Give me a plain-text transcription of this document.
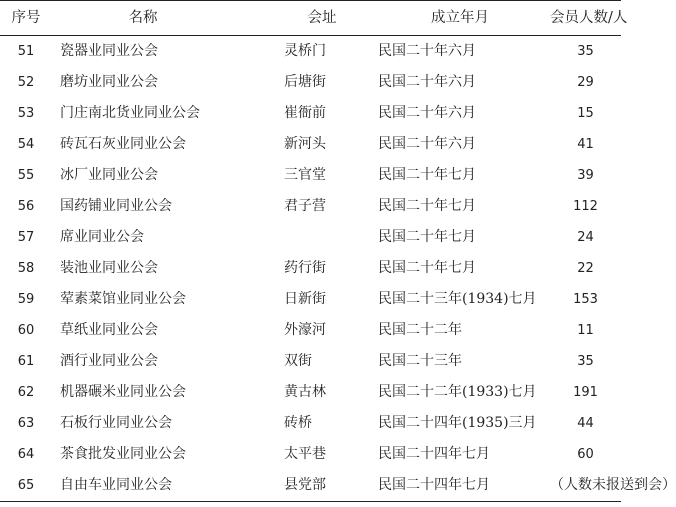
序号	名称	会址	成立年月	会员人数/人
51	瓷器业同业公会	灵桥门	民国二十年六月	35
52	磨坊业同业公会	后塘街	民国二十年六月	29
53	门庄南北货业同业公会	崔衙前	民国二十年六月	15
54	砖瓦石灰业同业公会	新河头	民国二十年六月	41
55	冰厂业同业公会	三官堂	民国二十年七月	39
56	国药铺业同业公会	君子营	民国二十年七月	112
57	席业同业公会		民国二十年七月	24
58	装池业同业公会	药行街	民国二十年七月	22
59	荤素菜馆业同业公会	日新街	民国二十三年(1934)七月	153
60	草纸业同业公会	外濠河	民国二十二年	11
61	酒行业同业公会	双街	民国二十三年	35
62	机器碾米业同业公会	黄古林	民国二十二年(1933)七月	191
63	石板行业同业公会	砖桥	民国二十四年(1935)三月	44
64	茶食批发业同业公会	太平巷	民国二十四年七月	60
65	自由车业同业公会	县党部	民国二十四年七月	（人数未报送到会）
